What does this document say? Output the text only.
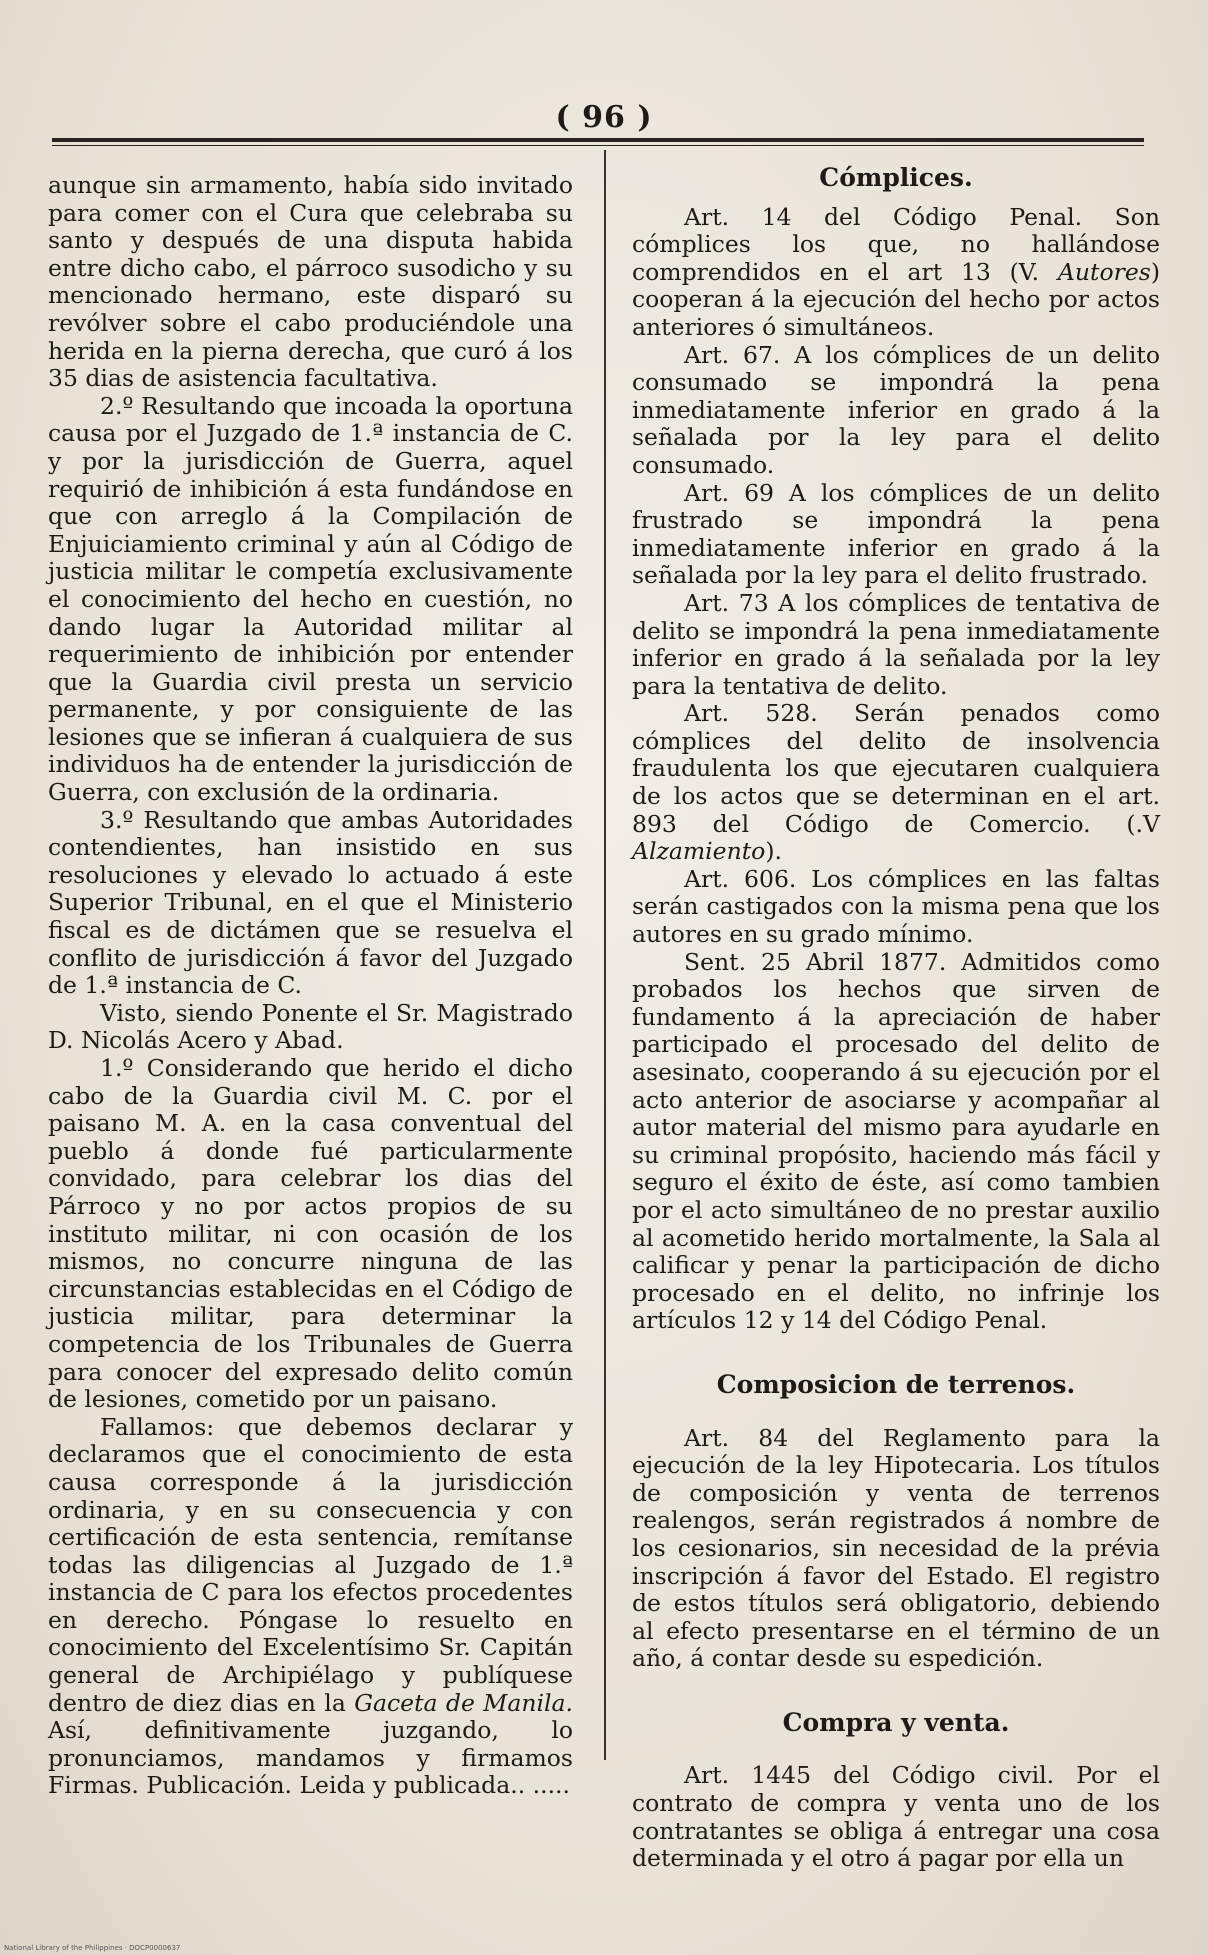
( 96 )

aunque sin armamento, había sido invitado para comer con el Cura que celebraba su santo y después de una disputa habida entre dicho cabo, el párroco susodicho y su mencionado hermano, este disparó su revólver sobre el cabo produciéndole una herida en la pierna derecha, que curó á los 35 dias de asistencia facultativa.

2.º Resultando que incoada la oportuna causa por el Juzgado de 1.ª instancia de C. y por la jurisdicción de Guerra, aquel requirió de inhibición á esta fundándose en que con arreglo á la Compilación de Enjuiciamiento criminal y aún al Código de justicia militar le competía exclusivamente el conocimiento del hecho en cuestión, no dando lugar la Autoridad militar al requerimiento de inhibición por entender que la Guardia civil presta un servicio permanente, y por consiguiente de las lesiones que se infieran á cualquiera de sus individuos ha de entender la jurisdicción de Guerra, con exclusión de la ordinaria.

3.º Resultando que ambas Autoridades contendientes, han insistido en sus resoluciones y elevado lo actuado á este Superior Tribunal, en el que el Ministerio fiscal es de dictámen que se resuelva el conflito de jurisdicción á favor del Juzgado de 1.ª instancia de C.

Visto, siendo Ponente el Sr. Magistrado D. Nicolás Acero y Abad.

1.º Considerando que herido el dicho cabo de la Guardia civil M. C. por el paisano M. A. en la casa conventual del pueblo á donde fué particularmente convidado, para celebrar los dias del Párroco y no por actos propios de su instituto militar, ni con ocasión de los mismos, no concurre ninguna de las circunstancias establecidas en el Código de justicia militar, para determinar la competencia de los Tribunales de Guerra para conocer del expresado delito común de lesiones, cometido por un paisano.

Fallamos: que debemos declarar y declaramos que el conocimiento de esta causa corresponde á la jurisdicción ordinaria, y en su consecuencia y con certificación de esta sentencia, remítanse todas las diligencias al Juzgado de 1.ª instancia de C para los efectos procedentes en derecho. Póngase lo resuelto en conocimiento del Excelentísimo Sr. Capitán general de Archipiélago y publíquese dentro de diez dias en la Gaceta de Manila. Así, definitivamente juzgando, lo pronunciamos, mandamos y firmamos Firmas. Publicación. Leida y publicada.. .....

Cómplices.

Art. 14 del Código Penal. Son cómplices los que, no hallándose comprendidos en el art 13 (V. Autores) cooperan á la ejecución del hecho por actos anteriores ó simultáneos.

Art. 67. A los cómplices de un delito consumado se impondrá la pena inmediatamente inferior en grado á la señalada por la ley para el delito consumado.

Art. 69 A los cómplices de un delito frustrado se impondrá la pena inmediatamente inferior en grado á la señalada por la ley para el delito frustrado.

Art. 73 A los cómplices de tentativa de delito se impondrá la pena inmediatamente inferior en grado á la señalada por la ley para la tentativa de delito.

Art. 528. Serán penados como cómplices del delito de insolvencia fraudulenta los que ejecutaren cualquiera de los actos que se determinan en el art. 893 del Código de Comercio. (.V Alzamiento).

Art. 606. Los cómplices en las faltas serán castigados con la misma pena que los autores en su grado mínimo.

Sent. 25 Abril 1877. Admitidos como probados los hechos que sirven de fundamento á la apreciación de haber participado el procesado del delito de asesinato, cooperando á su ejecución por el acto anterior de asociarse y acompañar al autor material del mismo para ayudarle en su criminal propósito, haciendo más fácil y seguro el éxito de éste, así como tambien por el acto simultáneo de no prestar auxilio al acometido herido mortalmente, la Sala al calificar y penar la participación de dicho procesado en el delito, no infrinje los artículos 12 y 14 del Código Penal.

Composicion de terrenos.

Art. 84 del Reglamento para la ejecución de la ley Hipotecaria. Los títulos de composición y venta de terrenos realengos, serán registrados á nombre de los cesionarios, sin necesidad de la prévia inscripción á favor del Estado. El registro de estos títulos será obligatorio, debiendo al efecto presentarse en el término de un año, á contar desde su espedición.

Compra y venta.

Art. 1445 del Código civil. Por el contrato de compra y venta uno de los contratantes se obliga á entregar una cosa determinada y el otro á pagar por ella un

National Library of the Philippines · DOCP0000637
